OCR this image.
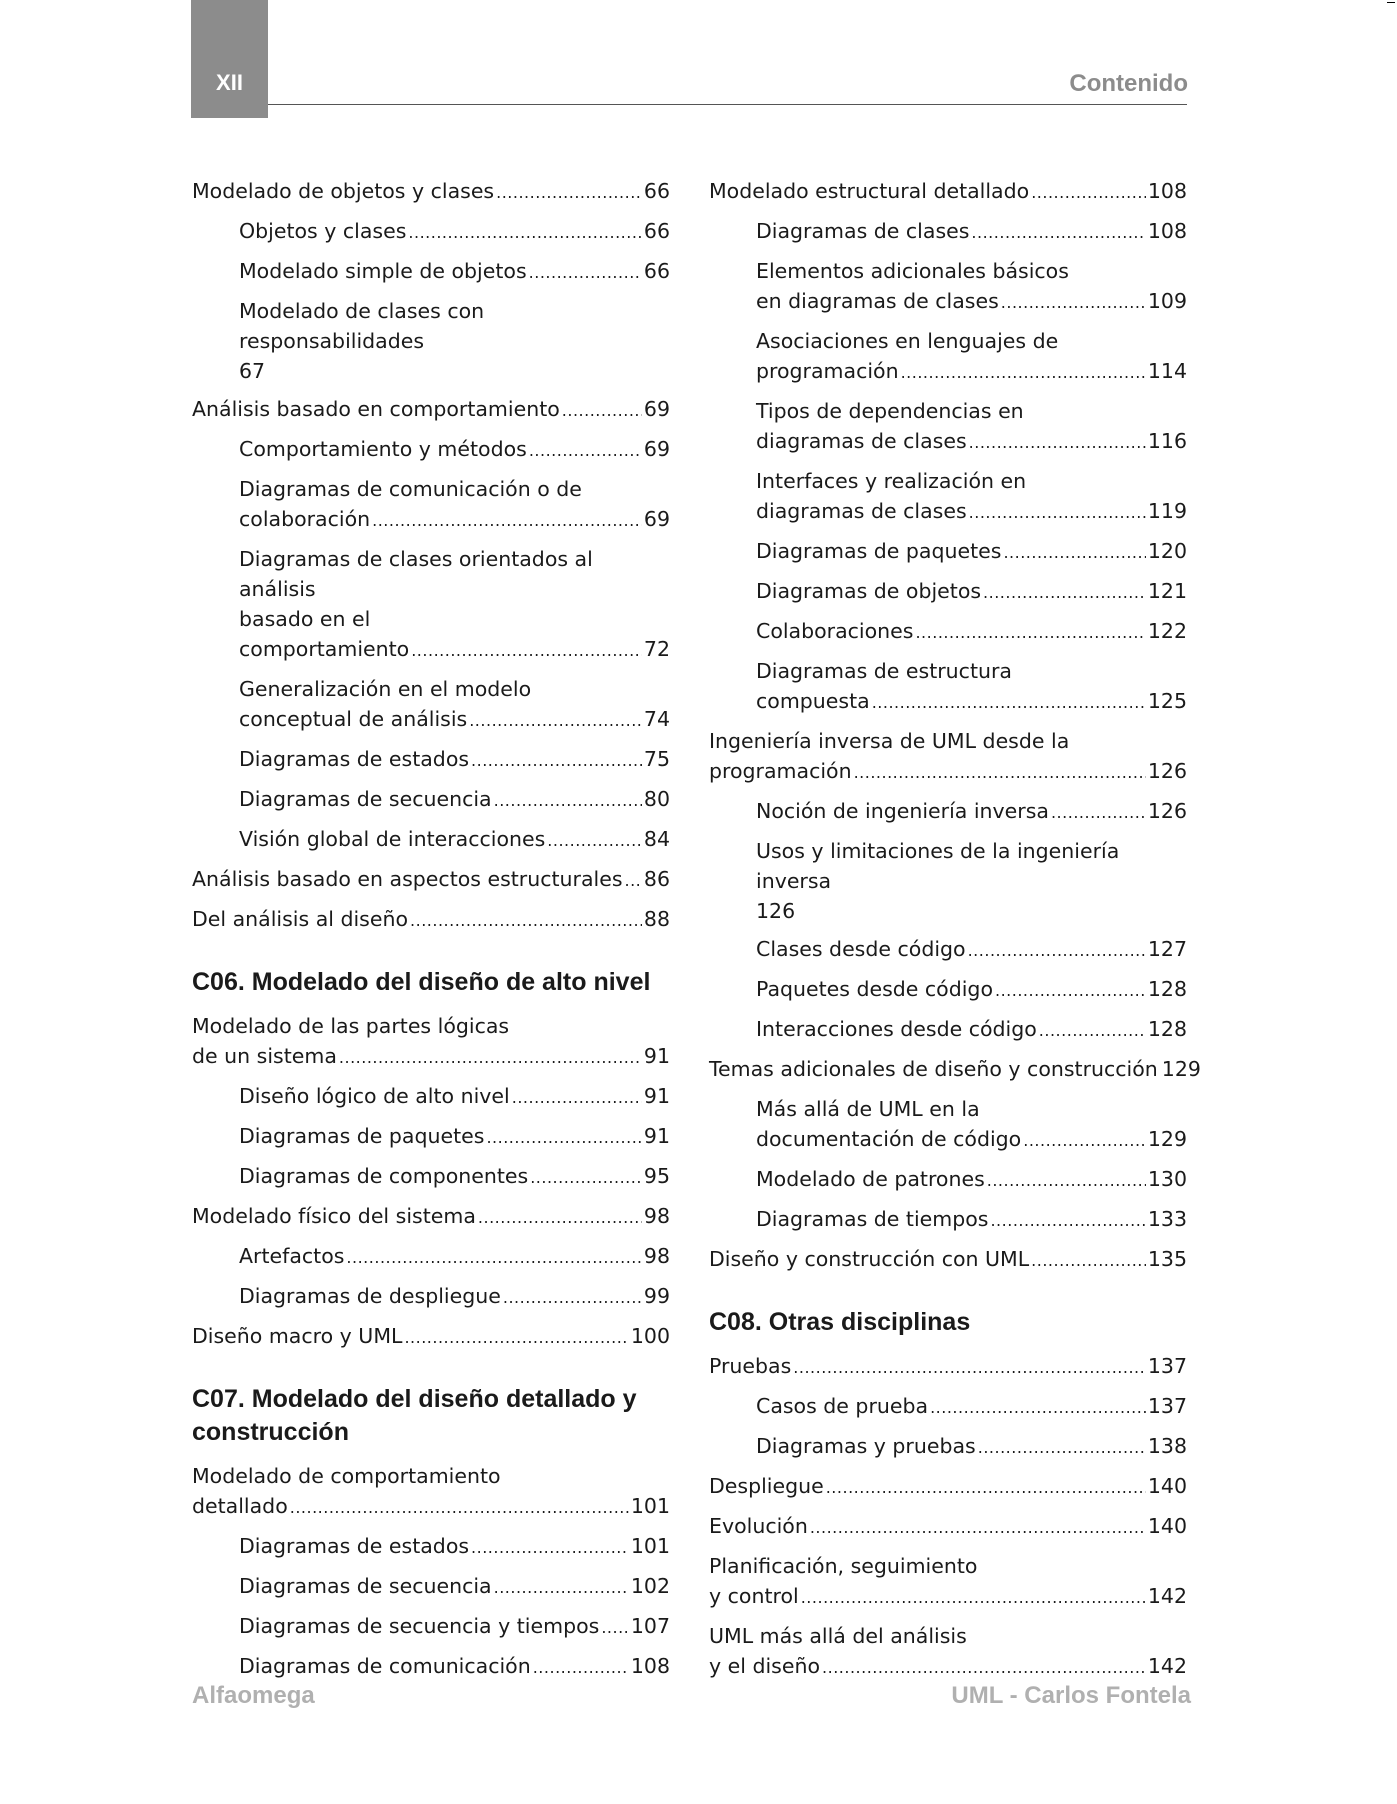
XII	Contenido
Modelado de objetos y clases .....	66
Objetos y clases .....	66
Modelado simple de objetos .....	66
Modelado de clases con responsabilidades
67
Análisis basado en comportamiento .....	69
Comportamiento y métodos .....	69
Diagramas de comunicación o de
colaboración .....	69
Diagramas de clases orientados al análisis
basado en el
comportamiento .....	72
Generalización en el modelo
conceptual de análisis .....	74
Diagramas de estados .....	75
Diagramas de secuencia .....	80
Visión global de interacciones .....	84
Análisis basado en aspectos estructurales ..... 86
Del análisis al diseño .....	88
C06. Modelado del diseño de alto nivel
Modelado de las partes lógicas
de un sistema .....	91
Diseño lógico de alto nivel .....	91
Diagramas de paquetes .....	91
Diagramas de componentes .....	95
Modelado físico del sistema .....	98
Artefactos .....	98
Diagramas de despliegue .....	99
Diseño macro y UML .....	100
C07. Modelado del diseño detallado y
construcción
Modelado de comportamiento
detallado .....	101
Diagramas de estados .....	101
Diagramas de secuencia .....	102
Diagramas de secuencia y tiempos ..... 107
Diagramas de comunicación .....	108
Modelado estructural detallado .....	108
Diagramas de clases .....	108
Elementos adicionales básicos
en diagramas de clases .....	109
Asociaciones en lenguajes de
programación .....	114
Tipos de dependencias en
diagramas de clases .....	116
Interfaces y realización en
diagramas de clases .....	119
Diagramas de paquetes .....	120
Diagramas de objetos .....	121
Colaboraciones .....	122
Diagramas de estructura
compuesta .....	125
Ingeniería inversa de UML desde la
programación .....	126
Noción de ingeniería inversa .....	126
Usos y limitaciones de la ingeniería inversa
126
Clases desde código .....	127
Paquetes desde código .....	128
Interacciones desde código .....	128
Temas adicionales de diseño y construcción 129
Más allá de UML en la
documentación de código .....	129
Modelado de patrones .....	130
Diagramas de tiempos .....	133
Diseño y construcción con UML .....	135
C08. Otras disciplinas
Pruebas .....	137
Casos de prueba .....	137
Diagramas y pruebas .....	138
Despliegue .....	140
Evolución .....	140
Planificación, seguimiento
y control .....	142
UML más allá del análisis
y el diseño .....	142
Alfaomega	UML - Carlos Fontela
